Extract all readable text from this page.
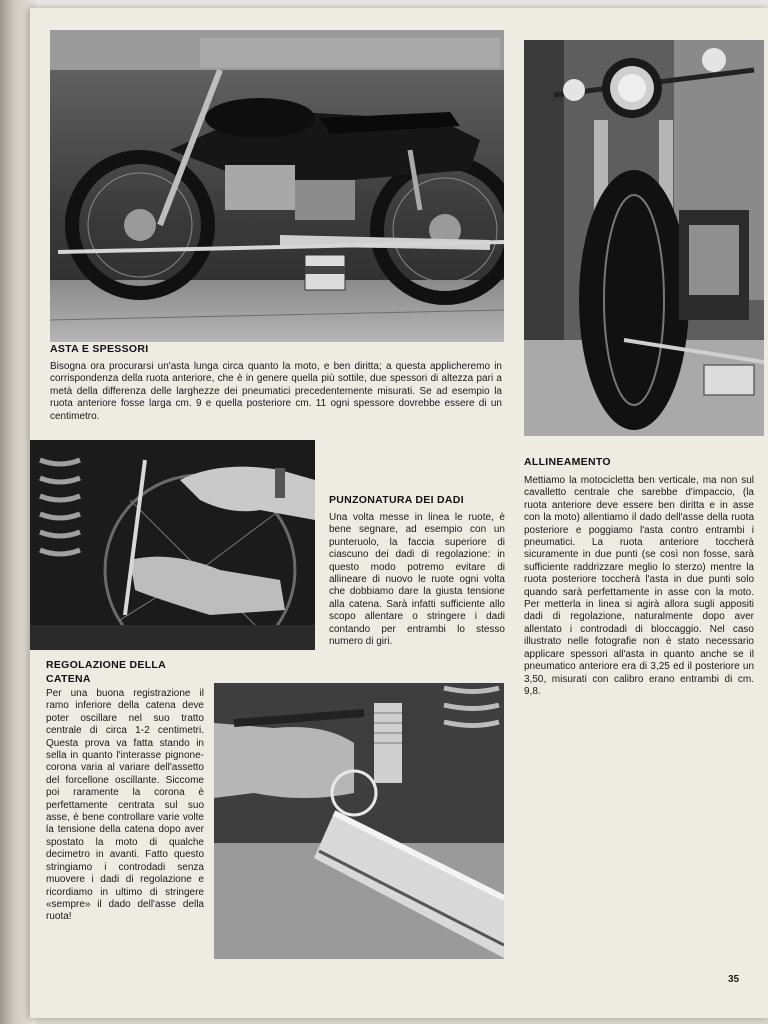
ASTA E SPESSORI

Bisogna ora procurarsi un'asta lunga circa quanto la moto, e ben diritta; a questa applicheremo in corrispondenza della ruota anteriore, che è in genere quella più sottile, due spessori di altezza pari a metà della differenza delle larghezze dei pneumatici precedentemente misurati. Se ad esempio la ruota anteriore fosse larga cm. 9 e quella posteriore cm. 11 ogni spessore dovrebbe essere di un centimetro.

PUNZONATURA DEI DADI

Una volta messe in linea le ruote, è bene segnare, ad esempio con un punteruolo, la faccia superiore di ciascuno dei dadi di regolazione: in questo modo potremo evitare di allineare di nuovo le ruote ogni volta che dobbiamo dare la giusta tensione alla catena. Sarà infatti sufficiente allo scopo allentare o stringere i dadi contando per entrambi lo stesso numero di giri.

ALLINEAMENTO

Mettiamo la motocicletta ben verticale, ma non sul cavalletto centrale che sarebbe d'impaccio, (la ruota anteriore deve essere ben diritta e in asse con la moto) allentiamo il dado dell'asse della ruota posteriore e poggiamo l'asta contro entrambi i pneumatici. La ruota anteriore toccherà sicuramente in due punti (se così non fosse, sarà sufficiente raddrizzare meglio lo sterzo) mentre la ruota posteriore toccherà l'asta in due punti solo quando sarà perfettamente in asse con la moto. Per metterla in linea si agirà allora sugli appositi dadi di regolazione, naturalmente dopo aver allentato i controdadi di bloccaggio. Nel caso illustrato nelle fotografie non è stato necessario applicare spessori all'asta in quanto anche se il pneumatico anteriore era di 3,25 ed il posteriore un 3,50, misurati con calibro erano entrambi di cm. 9,8.

REGOLAZIONE DELLA CATENA

Per una buona registrazione il ramo inferiore della catena deve poter oscillare nel suo tratto centrale di circa 1-2 centimetri. Questa prova va fatta stando in sella in quanto l'interasse pignone-corona varia al variare dell'assetto del forcellone oscillante. Siccome poi raramente la corona è perfettamente centrata sul suo asse, è bene controllare varie volte la tensione della catena dopo aver spostato la moto di qualche decimetro in avanti. Fatto questo stringiamo i controdadi senza muovere i dadi di regolazione e ricordiamo in ultimo di stringere «sempre» il dado dell'asse della ruota!

35
